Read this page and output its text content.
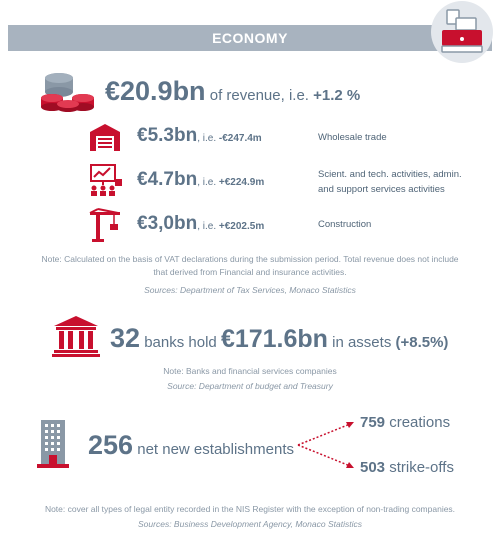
ECONOMY
€20.9bn of revenue, i.e. +1.2 %
€5.3bn, i.e. -€247.4m	Wholesale trade
€4.7bn, i.e. +€224.9m
Scient. and tech. activities, admin.
and support services activities
€3,0bn, i.e. +€202.5m	Construction
Note: Calculated on the basis of VAT declarations during the submission period. Total revenue does not include
that derived from Financial and insurance activities.
Sources: Department of Tax Services, Monaco Statistics
32 banks hold €171.6bn in assets (+8.5%)
Note: Banks and financial services companies
Source: Department of budget and Treasury
256 net new establishments
759 creations
503 strike-offs
Note: cover all types of legal entity recorded in the NIS Register with the exception of non-trading companies.
Sources: Business Development Agency, Monaco Statistics
